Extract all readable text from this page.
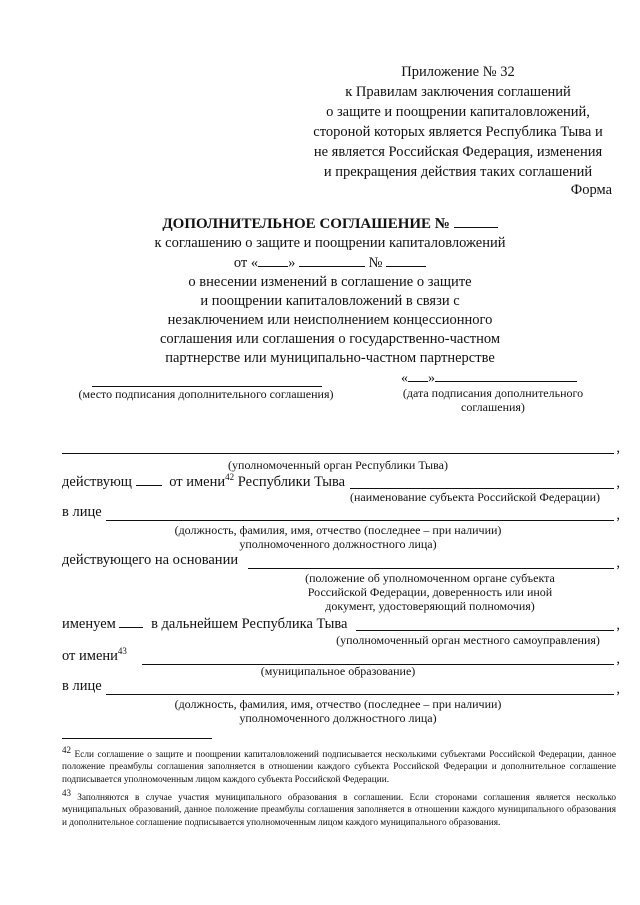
Приложение № 32
к Правилам заключения соглашений
о защите и поощрении капиталовложений,
стороной которых является Республика Тыва и
не является Российская Федерация, изменения
и прекращения действия таких соглашений
Форма
ДОПОЛНИТЕЛЬНОЕ СОГЛАШЕНИЕ №
к соглашению о защите и поощрении капиталовложений
от « »	№
о внесении изменений в соглашение о защите
и поощрении капиталовложений в связи с
незаключением или неисполнением концессионного
соглашения или соглашения о государственно-частном
партнерстве или муниципально-частном партнерстве
(место подписания дополнительного соглашения)
« »
(дата подписания дополнительного соглашения)
,
(уполномоченный орган Республики Тыва)
действующ	от имени$^{42}$ Республики Тыва	,
(наименование субъекта Российской Федерации)
в лице	,
(должность, фамилия, имя, отчество (последнее – при наличии)
уполномоченного должностного лица)
действующего на основании	,
(положение об уполномоченном органе субъекта
Российской Федерации, доверенность или иной
документ, удостоверяющий полномочия)
именуем в дальнейшем Республика Тыва	,
(уполномоченный орган местного самоуправления)
от имени$^{43}$	,
(муниципальное образование)
в лице	,
(должность, фамилия, имя, отчество (последнее – при наличии)
уполномоченного должностного лица)

$^{42}$ Если соглашение о защите и поощрении капиталовложений подписывается несколькими субъектами Российской Федерации, данное положение преамбулы соглашения заполняется в отношении каждого субъекта Российской Федерации и дополнительное соглашение подписывается уполномоченным лицом каждого субъекта Российской Федерации.

$^{43}$ Заполняются в случае участия муниципального образования в соглашении. Если сторонами соглашения является несколько муниципальных образований, данное положение преамбулы соглашения заполняется в отношении каждого муниципального образования и дополнительное соглашение подписывается уполномоченным лицом каждого муниципального образования.
